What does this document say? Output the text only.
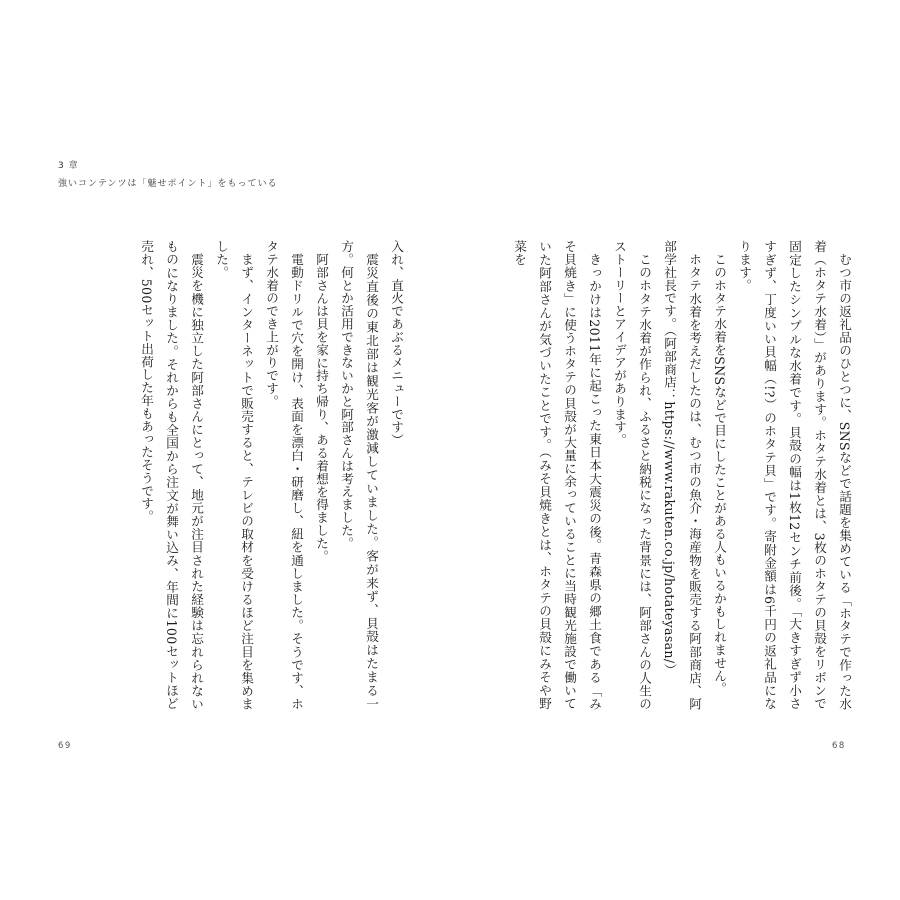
3 章
強いコンテンツは「魅せポイント」をもっている

入れ、直火であぶるメニューです）

震災直後の東北部は観光客が激減していました。客が来ず、貝殻はたまる一方。何とか活用できないかと阿部さんは考えました。

阿部さんは貝を家に持ち帰り、ある着想を得ました。

電動ドリルで穴を開け、表面を漂白・研磨し、紐を通しました。そうです、ホタテ水着のでき上がりです。

まず、インターネットで販売すると、テレビの取材を受けるほど注目を集めました。

震災を機に独立した阿部さんにとって、地元が注目された経験は忘れられないものになりました。それからも全国から注文が舞い込み、年間に100セットほど売れ、500セット出荷した年もあったそうです。

69	68

むつ市の返礼品のひとつに、SNSなどで話題を集めている「ホタテで作った水着（ホタテ水着）」があります。ホタテ水着とは、3枚のホタテの貝殻をリボンで固定したシンプルな水着です。貝殻の幅は1枚12センチ前後。「大きすぎず小さすぎず、丁度いい貝幅（!?）のホタテ貝」です。寄附金額は6千円の返礼品になります。

このホタテ水着をSNSなどで目にしたことがある人もいるかもしれません。

ホタテ水着を考えだしたのは、むつ市の魚介・海産物を販売する阿部商店、阿部学社長です。（阿部商店：https://www.rakuten.co.jp/hotateyasan/）

このホタテ水着が作られ、ふるさと納税になった背景には、阿部さんの人生のストーリーとアイデアがあります。

きっかけは2011年に起こった東日本大震災の後。青森県の郷土食である「みそ貝焼き」に使うホタテの貝殻が大量に余っていることに当時観光施設で働いていた阿部さんが気づいたことです。（みそ貝焼きとは、ホタテの貝殻にみそや野菜を
